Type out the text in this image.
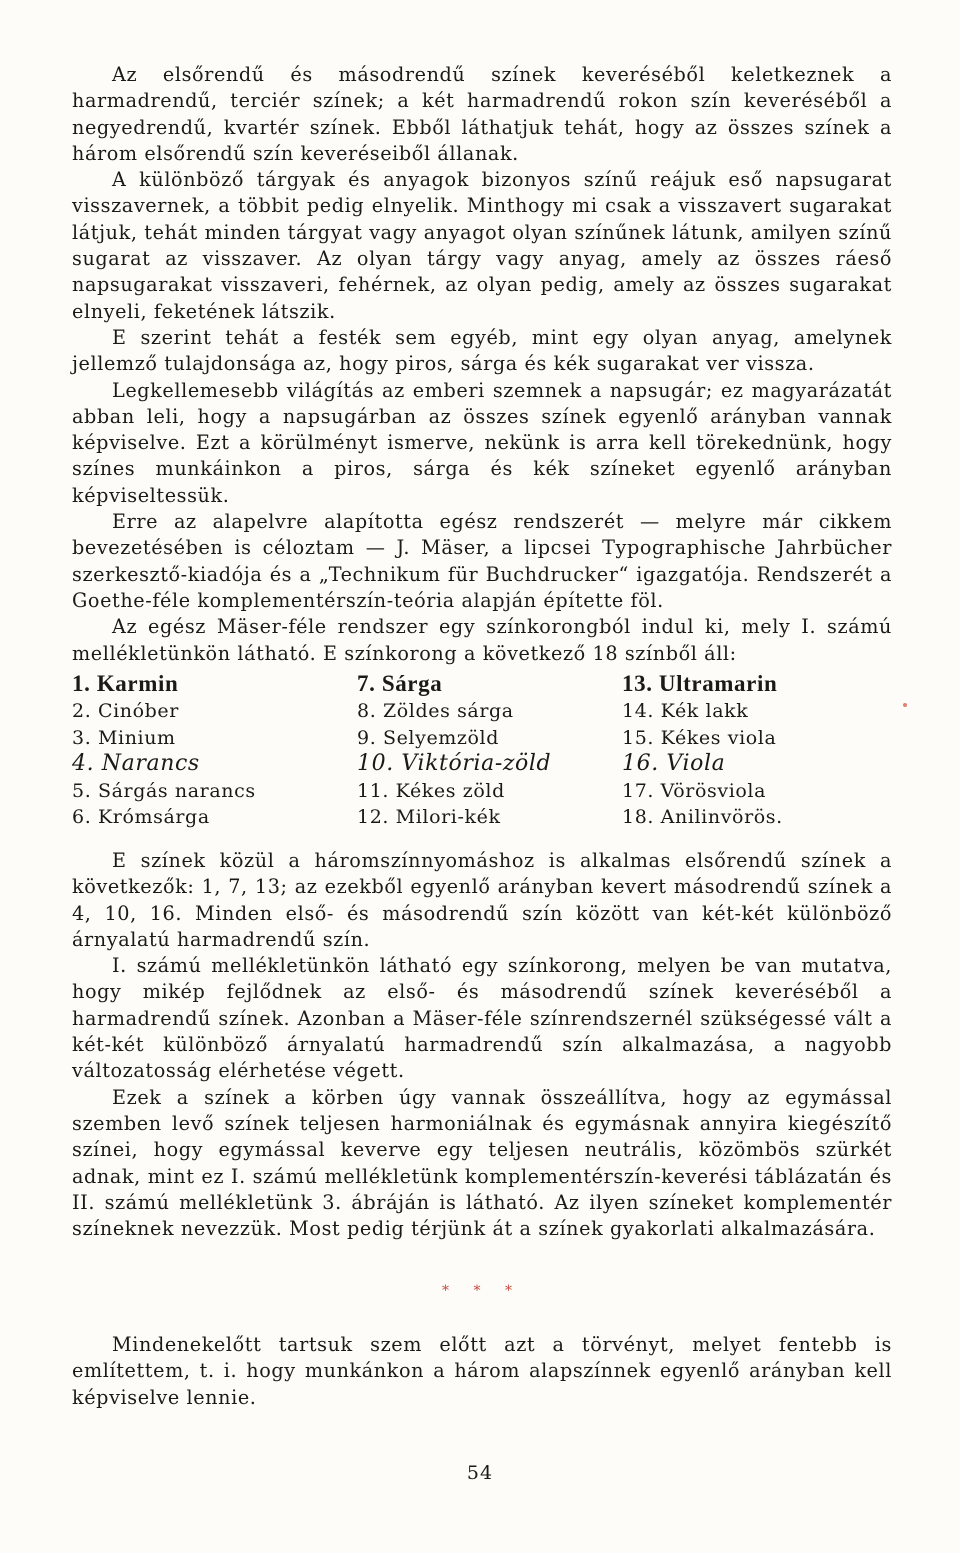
Az elsőrendű és másodrendű színek keveréséből keletkeznek a harmadrendű, terciér színek; a két harmadrendű rokon szín keveréséből a negyedrendű, kvartér színek. Ebből láthatjuk tehát, hogy az összes színek a három elsőrendű szín keveréseiből állanak.

A különböző tárgyak és anyagok bizonyos színű reájuk eső napsugarat visszavernek, a többit pedig elnyelik. Minthogy mi csak a visszavert sugarakat látjuk, tehát minden tárgyat vagy anyagot olyan színűnek látunk, amilyen színű sugarat az visszaver. Az olyan tárgy vagy anyag, amely az összes ráeső napsugarakat visszaveri, fehérnek, az olyan pedig, amely az összes sugarakat elnyeli, feketének látszik.

E szerint tehát a festék sem egyéb, mint egy olyan anyag, amelynek jellemző tulajdonsága az, hogy piros, sárga és kék sugarakat ver vissza.

Legkellemesebb világítás az emberi szemnek a napsugár; ez magyarázatát abban leli, hogy a napsugárban az összes színek egyenlő arányban vannak képviselve. Ezt a körülményt ismerve, nekünk is arra kell törekednünk, hogy színes munkáinkon a piros, sárga és kék színeket egyenlő arányban képviseltessük.

Erre az alapelvre alapította egész rendszerét — melyre már cikkem bevezetésében is céloztam — J. Mäser, a lipcsei Typographische Jahrbücher szerkesztő-kiadója és a „Technikum für Buchdrucker“ igazgatója. Rendszerét a Goethe-féle komplementérszín-teória alapján építette föl.

Az egész Mäser-féle rendszer egy színkorongból indul ki, mely I. számú mellékletünkön látható. E színkorong a következő 18 színből áll:

1. Karmin
2. Cinóber
3. Minium
4. Narancs
5. Sárgás narancs
6. Krómsárga
7. Sárga
8. Zöldes sárga
9. Selyemzöld
10. Viktória-zöld
11. Kékes zöld
12. Milori-kék
13. Ultramarin
14. Kék lakk
15. Kékes viola
16. Viola
17. Vörösviola
18. Anilinvörös.

E színek közül a háromszínnyomáshoz is alkalmas elsőrendű színek a következők: 1, 7, 13; az ezekből egyenlő arányban kevert másodrendű színek a 4, 10, 16. Minden első- és másodrendű szín között van két-két különböző árnyalatú harmadrendű szín.

I. számú mellékletünkön látható egy színkorong, melyen be van mutatva, hogy mikép fejlődnek az első- és másodrendű színek keveréséből a harmadrendű színek. Azonban a Mäser-féle színrendszernél szükségessé vált a két-két különböző árnyalatú harmadrendű szín alkalmazása, a nagyobb változatosság elérhetése végett.

Ezek a színek a körben úgy vannak összeállítva, hogy az egymással szemben levő színek teljesen harmoniálnak és egymásnak annyira kiegészítő színei, hogy egymással keverve egy teljesen neutrális, közömbös szürkét adnak, mint ez I. számú mellékletünk komplementérszín-keverési táblázatán és II. számú mellékletünk 3. ábráján is látható. Az ilyen színeket komplementér színeknek nevezzük. Most pedig térjünk át a színek gyakorlati alkalmazására.

* * *

Mindenekelőtt tartsuk szem előtt azt a törvényt, melyet fentebb is említettem, t. i. hogy munkánkon a három alapszínnek egyenlő arányban kell képviselve lennie.

54
